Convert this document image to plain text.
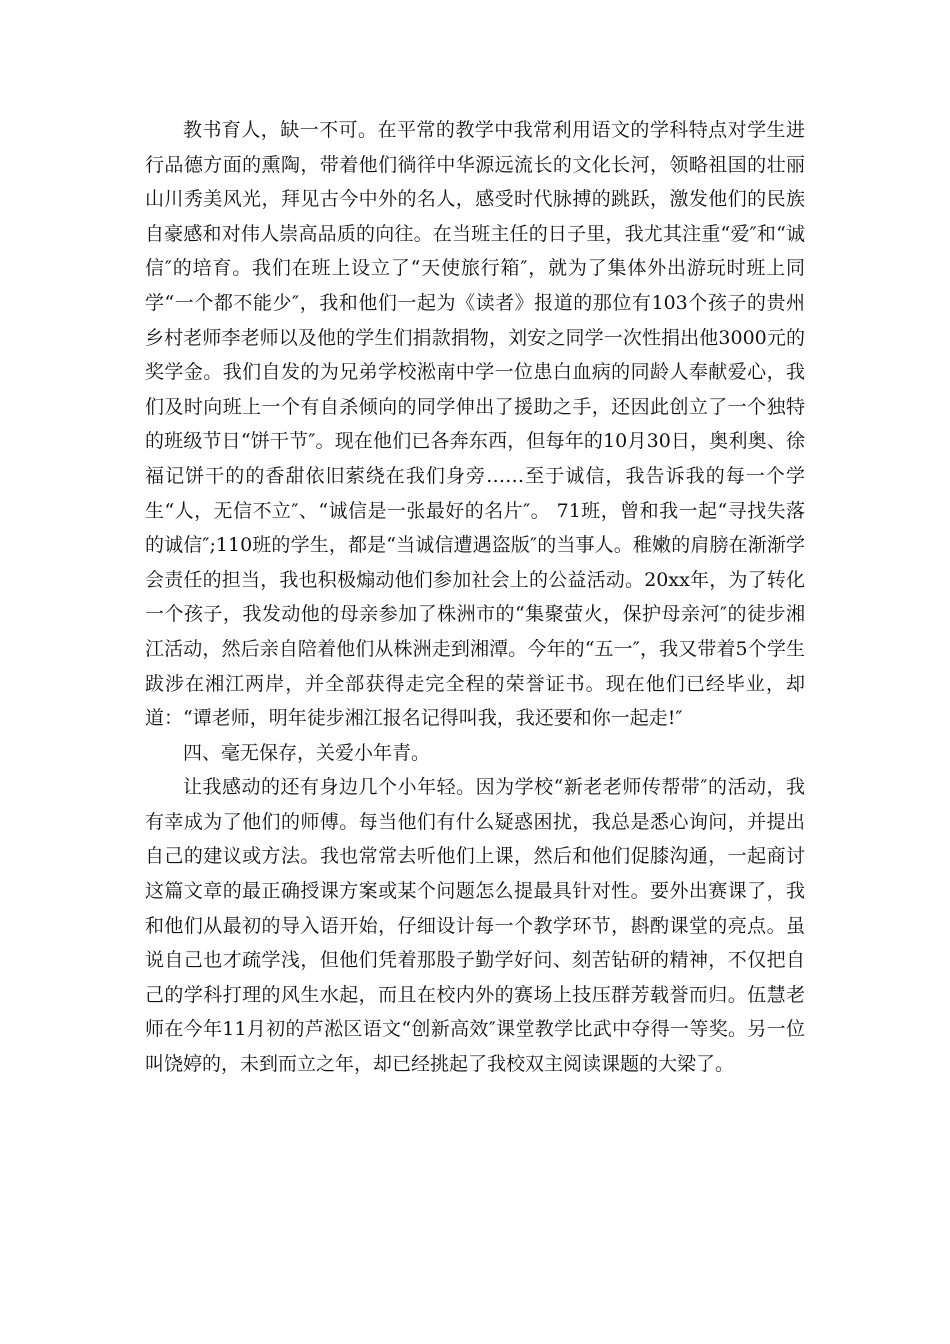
教书育人，缺一不可。在平常的教学中我常利用语文的学科特点对学生进行品德方面的熏陶，带着他们徜徉中华源远流长的文化长河，领略祖国的壮丽山川秀美风光，拜见古今中外的名人，感受时代脉搏的跳跃，激发他们的民族自豪感和对伟人崇高品质的向往。在当班主任的日子里，我尤其注重“爱″和“诚信″的培育。我们在班上设立了“天使旅行箱″，就为了集体外出游玩时班上同学“一个都不能少″，我和他们一起为《读者》报道的那位有103个孩子的贵州乡村老师李老师以及他的学生们捐款捐物，刘安之同学一次性捐出他3000元的奖学金。我们自发的为兄弟学校淞南中学一位患白血病的同龄人奉献爱心，我们及时向班上一个有自杀倾向的同学伸出了援助之手，还因此创立了一个独特的班级节日“饼干节″。现在他们已各奔东西，但每年的10月30日，奥利奥、徐福记饼干的的香甜依旧萦绕在我们身旁……至于诚信，我告诉我的每一个学生“人，无信不立″、“诚信是一张最好的名片″。 71班，曾和我一起“寻找失落的诚信″;110班的学生，都是“当诚信遭遇盗版″的当事人。稚嫩的肩膀在渐渐学会责任的担当，我也积极煽动他们参加社会上的公益活动。20xx年，为了转化一个孩子，我发动他的母亲参加了株洲市的“集聚萤火，保护母亲河″的徒步湘江活动，然后亲自陪着他们从株洲走到湘潭。今年的“五一″，我又带着5个学生跋涉在湘江两岸，并全部获得走完全程的荣誉证书。现在他们已经毕业，却道：“谭老师，明年徒步湘江报名记得叫我，我还要和你一起走!″

四、毫无保存，关爱小年青。

让我感动的还有身边几个小年轻。因为学校“新老老师传帮带″的活动，我有幸成为了他们的师傅。每当他们有什么疑惑困扰，我总是悉心询问，并提出自己的建议或方法。我也常常去听他们上课，然后和他们促膝沟通，一起商讨这篇文章的最正确授课方案或某个问题怎么提最具针对性。要外出赛课了，我和他们从最初的导入语开始，仔细设计每一个教学环节，斟酌课堂的亮点。虽说自己也才疏学浅，但他们凭着那股子勤学好问、刻苦钻研的精神，不仅把自己的学科打理的风生水起，而且在校内外的赛场上技压群芳载誉而归。伍慧老师在今年11月初的芦淞区语文“创新高效″课堂教学比武中夺得一等奖。另一位叫饶婷的，未到而立之年，却已经挑起了我校双主阅读课题的大梁了。
